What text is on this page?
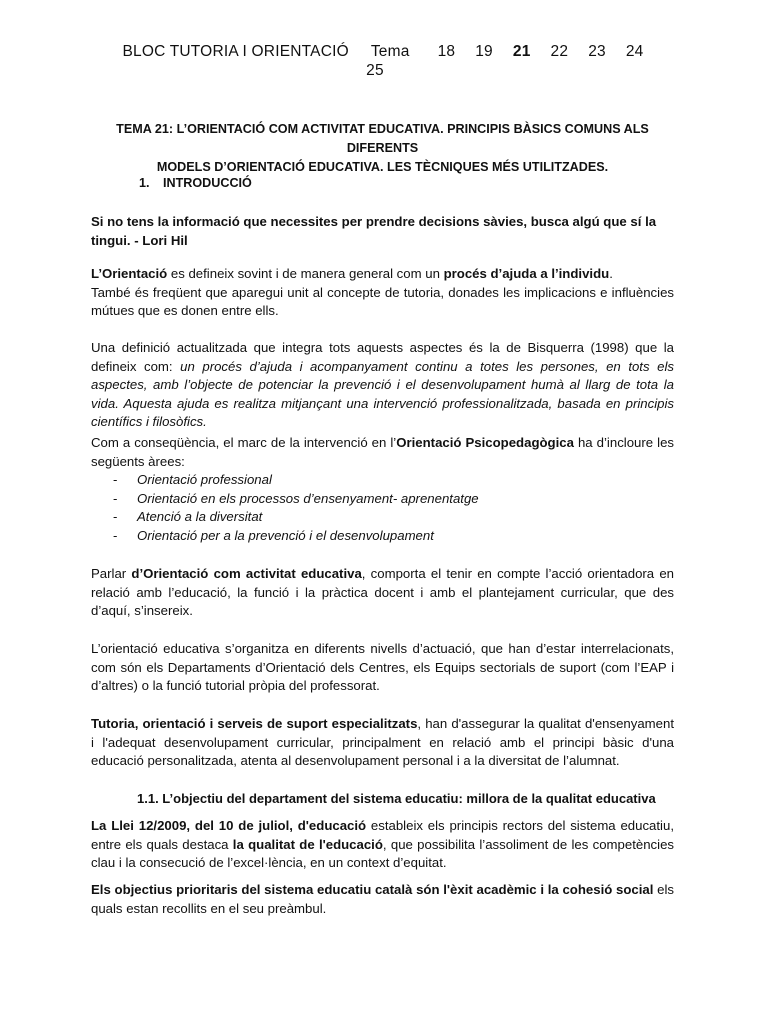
BLOC TUTORIA I ORIENTACIÓ Tema 18 19 21 22 23 24
25
TEMA 21: L’ORIENTACIÓ COM ACTIVITAT EDUCATIVA. PRINCIPIS BÀSICS COMUNS ALS DIFERENTS
MODELS D’ORIENTACIÓ EDUCATIVA. LES TÈCNIQUES MÉS UTILITZADES.
1. INTRODUCCIÓ
Si no tens la informació que necessites per prendre decisions sàvies, busca algú que sí la tingui. - Lori Hil
L’Orientació es defineix sovint i de manera general com un procés d’ajuda a l’individu.
També és freqüent que aparegui unit al concepte de tutoria, donades les implicacions e influències mútues que es donen entre ells.
Una definició actualitzada que integra tots aquests aspectes és la de Bisquerra (1998) que la defineix com: un procés d’ajuda i acompanyament continu a totes les persones, en tots els aspectes, amb l’objecte de potenciar la prevenció i el desenvolupament humà al llarg de tota la vida. Aquesta ajuda es realitza mitjançant una intervenció professionalitzada, basada en principis científics i filosòfics.
Com a conseqüència, el marc de la intervenció en l’Orientació Psicopedagògica ha d’incloure les següents àrees:
- Orientació professional
- Orientació en els processos d’ensenyament- aprenentatge
- Atenció a la diversitat
- Orientació per a la prevenció i el desenvolupament
Parlar d’Orientació com activitat educativa, comporta el tenir en compte l’acció orientadora en relació amb l’educació, la funció i la pràctica docent i amb el plantejament curricular, que des d’aquí, s’insereix.
L’orientació educativa s’organitza en diferents nivells d’actuació, que han d’estar interrelacionats, com són els Departaments d’Orientació dels Centres, els Equips sectorials de suport (com l’EAP i d’altres) o la funció tutorial pròpia del professorat.
Tutoria, orientació i serveis de suport especialitzats, han d'assegurar la qualitat d'ensenyament i l'adequat desenvolupament curricular, principalment en relació amb el principi bàsic d'una educació personalitzada, atenta al desenvolupament personal i a la diversitat de l’alumnat.
1.1. L’objectiu del departament del sistema educatiu: millora de la qualitat educativa
La Llei 12/2009, del 10 de juliol, d'educació estableix els principis rectors del sistema educatiu, entre els quals destaca la qualitat de l'educació, que possibilita l’assoliment de les competències clau i la consecució de l’excel·lència, en un context d’equitat.
Els objectius prioritaris del sistema educatiu català són l'èxit acadèmic i la cohesió social els quals estan recollits en el seu preàmbul.
